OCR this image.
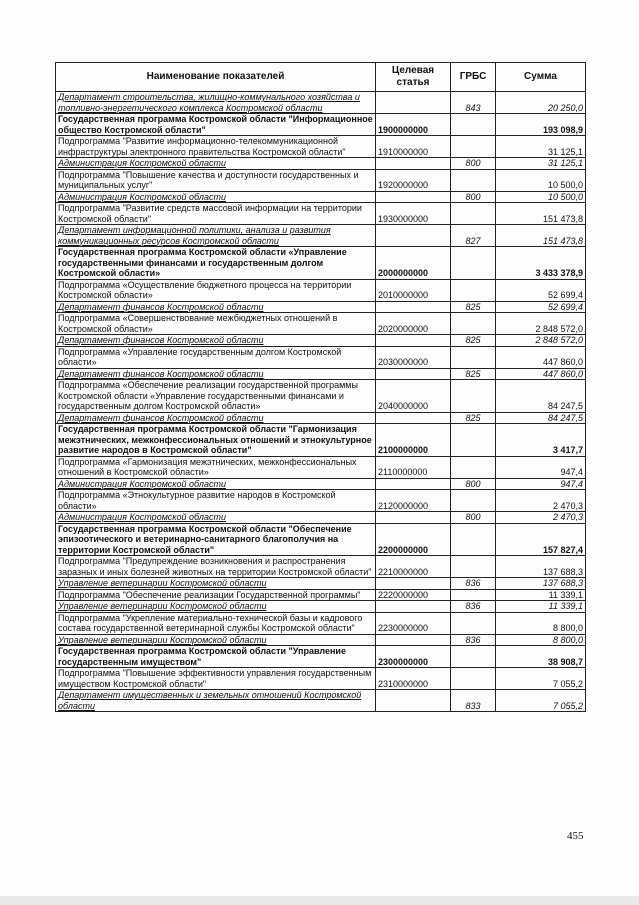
Наименование показателей	Целевая статья	ГРБС	Сумма
Департамент строительства, жилищно-коммунального хозяйства и топливно-энергетического комплекса Костромской области		843	20 250,0
Государственная программа Костромской области "Информационное общество Костромской области"	1900000000		193 098,9
Подпрограмма "Развитие информационно-телекоммуникационной инфраструктуры электронного правительства Костромской области"	1910000000		31 125,1
Администрация Костромской области		800	31 125,1
Подпрограмма "Повышение качества и доступности государственных и муниципальных услуг"	1920000000		10 500,0
Администрация Костромской области		800	10 500,0
Подпрограмма "Развитие средств массовой информации на территории Костромской области"	1930000000		151 473,8
Департамент информационной политики, анализа и развития коммуникационных ресурсов Костромской области		827	151 473,8
Государственная программа Костромской области «Управление государственными финансами и государственным долгом Костромской области»	2000000000		3 433 378,9
Подпрограмма «Осуществление бюджетного процесса на территории Костромской области»	2010000000		52 699,4
Департамент финансов Костромской области		825	52 699,4
Подпрограмма «Совершенствование межбюджетных отношений в Костромской области»	2020000000		2 848 572,0
Департамент финансов Костромской области		825	2 848 572,0
Подпрограмма «Управление государственным долгом Костромской области»	2030000000		447 860,0
Департамент финансов Костромской области		825	447 860,0
Подпрограмма «Обеспечение реализации государственной программы Костромской области «Управление государственными финансами и государственным долгом Костромской области»	2040000000		84 247,5
Департамент финансов Костромской области		825	84 247,5
Государственная программа Костромской области "Гармонизация межэтнических, межконфессиональных отношений и этнокультурное развитие народов в Костромской области"	2100000000		3 417,7
Подпрограмма «Гармонизация межэтнических, межконфессиональных отношений в Костромской области»	2110000000		947,4
Администрация Костромской области		800	947,4
Подпрограмма «Этнокультурное развитие народов в Костромской области»	2120000000		2 470,3
Администрация Костромской области		800	2 470,3
Государственная программа Костромской области "Обеспечение эпизоотического и ветеринарно-санитарного благополучия на территории Костромской области"	2200000000		157 827,4
Подпрограмма "Предупреждение возникновения и распространения заразных и иных болезней животных на территории Костромской области"	2210000000		137 688,3
Управление ветеринарии Костромской области		836	137 688,3
Подпрограмма "Обеспечение реализации Государственной программы"	2220000000		11 339,1
Управление ветеринарии Костромской области		836	11 339,1
Подпрограмма "Укрепление материально-технической базы и кадрового состава государственной ветеринарной службы Костромской области"	2230000000		8 800,0
Управление ветеринарии Костромской области		836	8 800,0
Государственная программа Костромской области "Управление государственным имуществом"	2300000000		38 908,7
Подпрограмма "Повышение эффективности управления государственным имуществом Костромской области"	2310000000		7 055,2
Департамент имущественных и земельных отношений Костромской области		833	7 055,2
455
